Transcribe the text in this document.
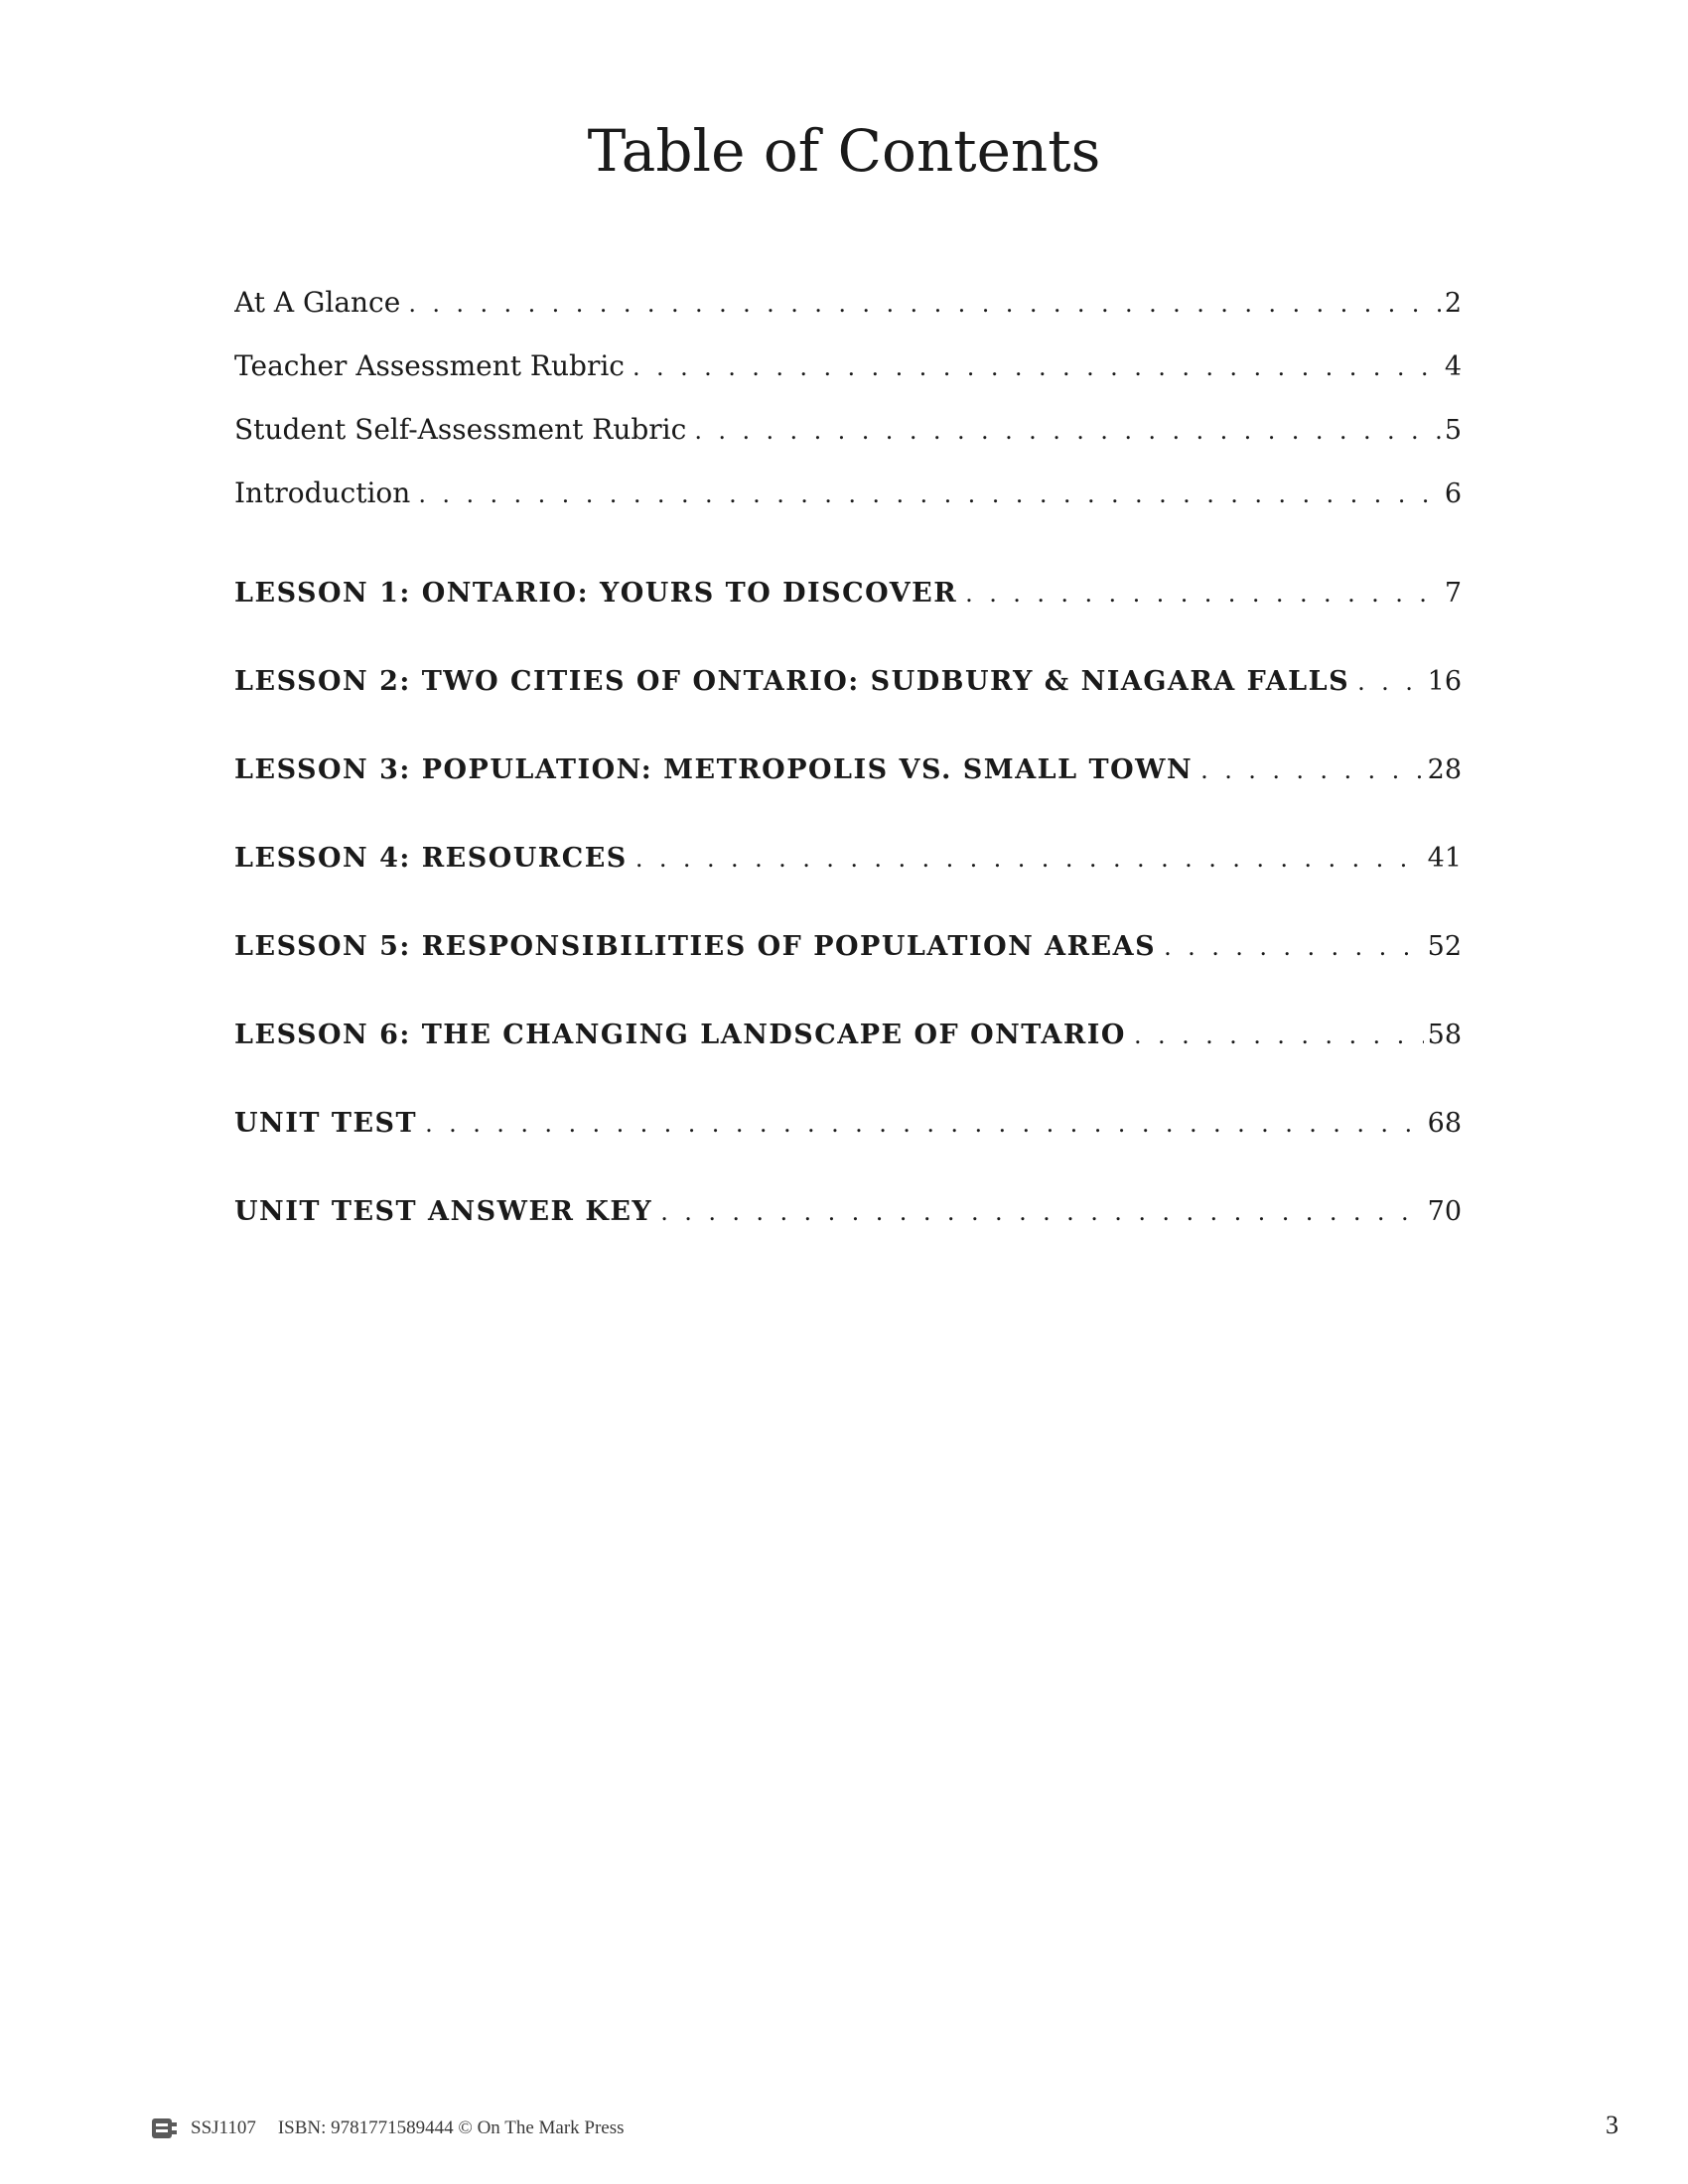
Table of Contents
At A Glance . . .	2
Teacher Assessment Rubric . . .	4
Student Self-Assessment Rubric . . .	5
Introduction . . .	6
LESSON 1: ONTARIO: YOURS TO DISCOVER . . .	7
LESSON 2: TWO CITIES OF ONTARIO: SUDBURY & NIAGARA FALLS . . .	16
LESSON 3: POPULATION: METROPOLIS VS. SMALL TOWN . . .	28
LESSON 4: RESOURCES . . .	41
LESSON 5: RESPONSIBILITIES OF POPULATION AREAS . . .	52
LESSON 6: THE CHANGING LANDSCAPE OF ONTARIO . . .	58
UNIT TEST . . .	68
UNIT TEST ANSWER KEY . . .	70
SSJ1107 ISBN: 9781771589444 © On The Mark Press	3
